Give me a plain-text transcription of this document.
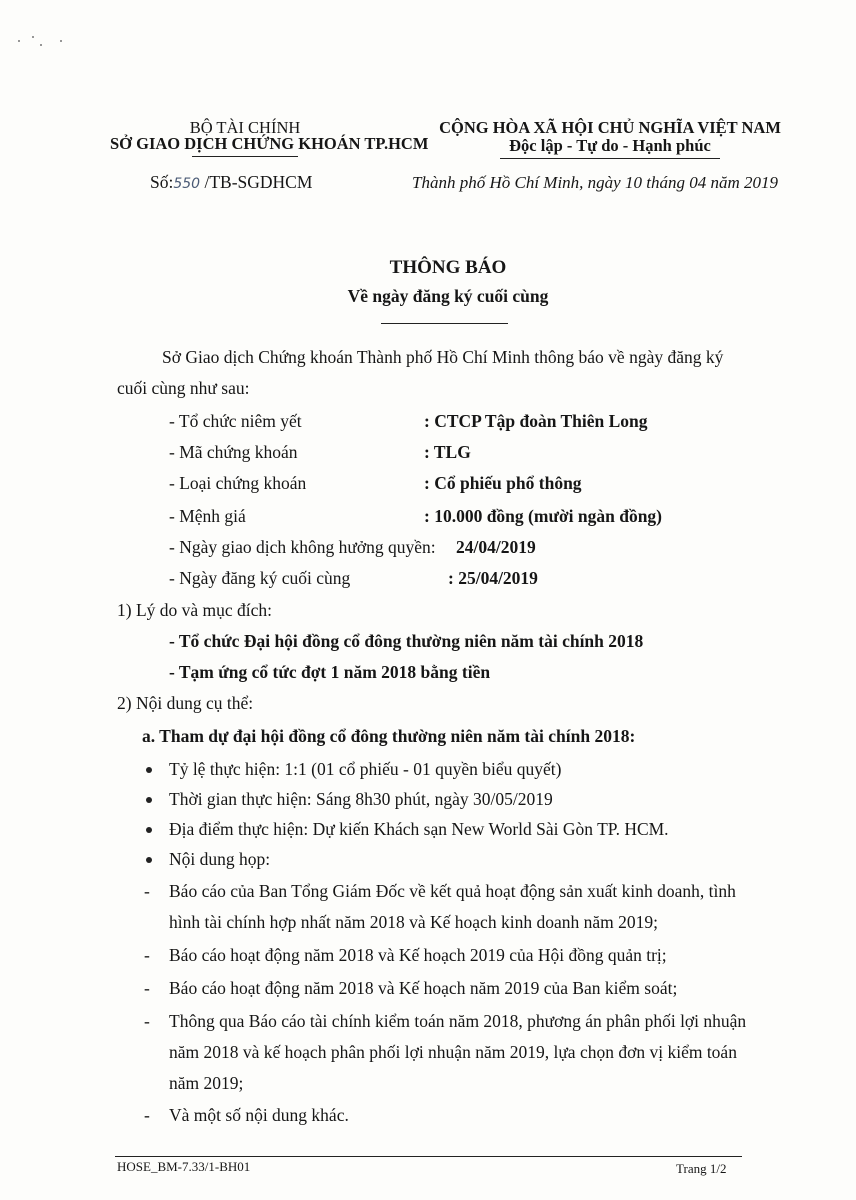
BỘ TÀI CHÍNH
SỞ GIAO DỊCH CHỨNG KHOÁN TP.HCM
CỘNG HÒA XÃ HỘI CHỦ NGHĨA VIỆT NAM
Độc lập - Tự do - Hạnh phúc
Số:550 /TB-SGDHCM	Thành phố Hồ Chí Minh, ngày 10 tháng 04 năm 2019
THÔNG BÁO
Về ngày đăng ký cuối cùng
Sở Giao dịch Chứng khoán Thành phố Hồ Chí Minh thông báo về ngày đăng ký
cuối cùng như sau:
- Tổ chức niêm yết	: CTCP Tập đoàn Thiên Long
- Mã chứng khoán	: TLG
- Loại chứng khoán	: Cổ phiếu phổ thông
- Mệnh giá	: 10.000 đồng (mười ngàn đồng)
- Ngày giao dịch không hưởng quyền: 24/04/2019
- Ngày đăng ký cuối cùng	: 25/04/2019
1) Lý do và mục đích:
- Tổ chức Đại hội đồng cổ đông thường niên năm tài chính 2018
- Tạm ứng cổ tức đợt 1 năm 2018 bằng tiền
2) Nội dung cụ thể:
a. Tham dự đại hội đồng cổ đông thường niên năm tài chính 2018:
Tỷ lệ thực hiện: 1:1 (01 cổ phiếu - 01 quyền biểu quyết)
Thời gian thực hiện: Sáng 8h30 phút, ngày 30/05/2019
Địa điểm thực hiện: Dự kiến Khách sạn New World Sài Gòn TP. HCM.
Nội dung họp:
- Báo cáo của Ban Tổng Giám Đốc về kết quả hoạt động sản xuất kinh doanh, tình
hình tài chính hợp nhất năm 2018 và Kế hoạch kinh doanh năm 2019;
- Báo cáo hoạt động năm 2018 và Kế hoạch 2019 của Hội đồng quản trị;
- Báo cáo hoạt động năm 2018 và Kế hoạch năm 2019 của Ban kiểm soát;
- Thông qua Báo cáo tài chính kiểm toán năm 2018, phương án phân phối lợi nhuận
năm 2018 và kế hoạch phân phối lợi nhuận năm 2019, lựa chọn đơn vị kiểm toán
năm 2019;
- Và một số nội dung khác.
HOSE_BM-7.33/1-BH01	Trang 1/2
